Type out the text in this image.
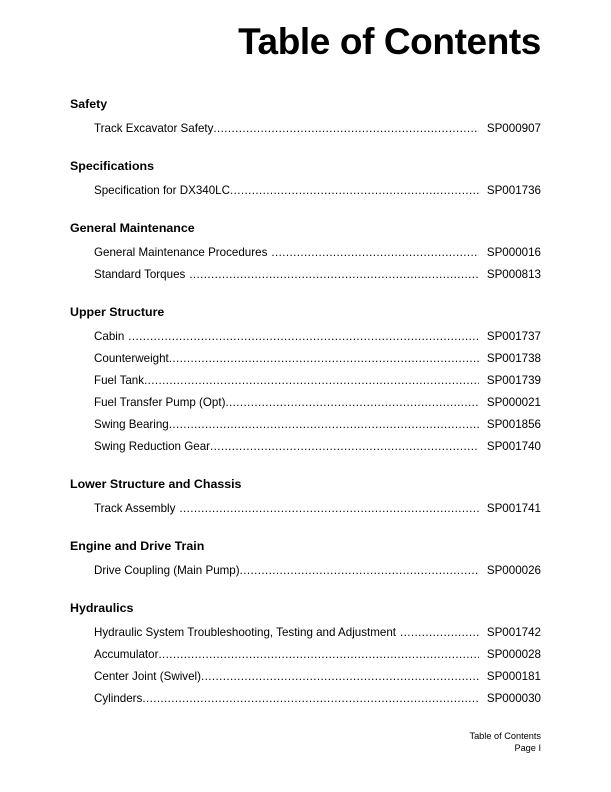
Table of Contents
Safety
Track Excavator Safety .....	SP000907
Specifications
Specification for DX340LC .....	SP001736
General Maintenance
General Maintenance Procedures .....	SP000016
Standard Torques .....	SP000813
Upper Structure
Cabin .....	SP001737
Counterweight .....	SP001738
Fuel Tank .....	SP001739
Fuel Transfer Pump (Opt) .....	SP000021
Swing Bearing .....	SP001856
Swing Reduction Gear .....	SP001740
Lower Structure and Chassis
Track Assembly .....	SP001741
Engine and Drive Train
Drive Coupling (Main Pump) .....	SP000026
Hydraulics
Hydraulic System Troubleshooting, Testing and Adjustment .....	SP001742
Accumulator .....	SP000028
Center Joint (Swivel) .....	SP000181
Cylinders .....	SP000030
Table of Contents
Page I
